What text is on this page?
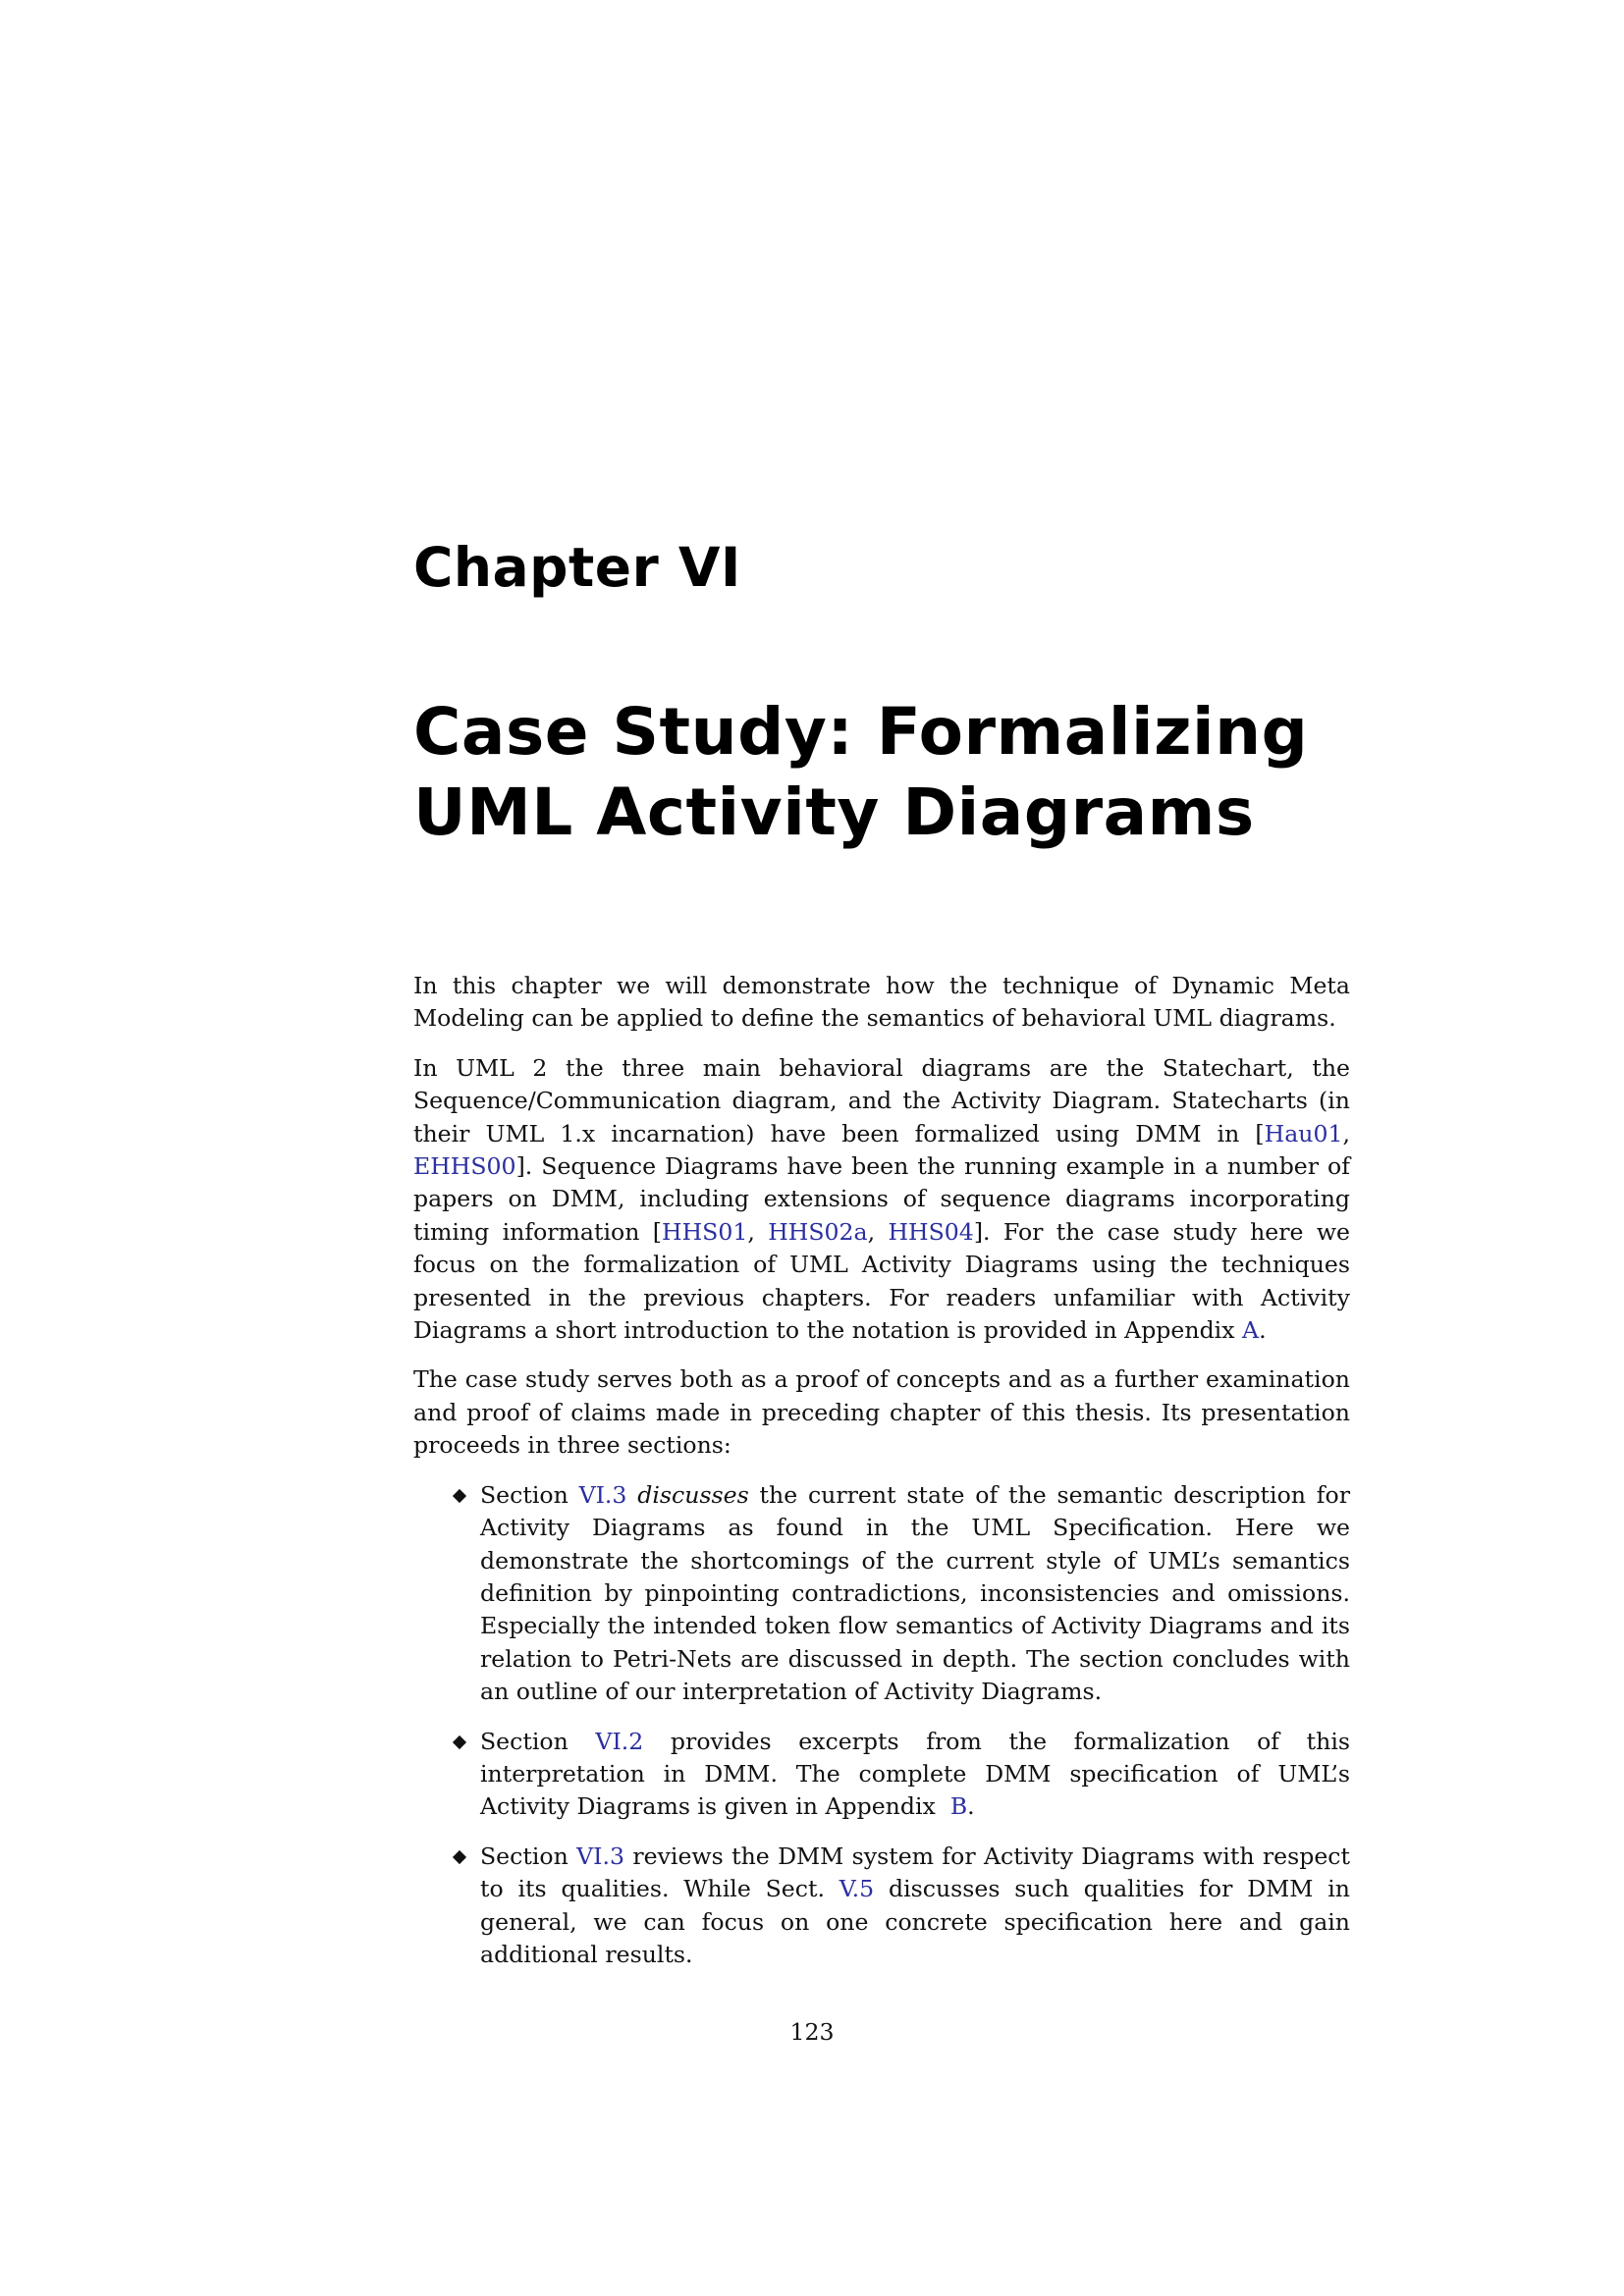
Chapter VI
Case Study: Formalizing UML Activity Diagrams

In this chapter we will demonstrate how the technique of Dynamic Meta Modeling can be applied to define the semantics of behavioral UML diagrams.

In UML 2 the three main behavioral diagrams are the Statechart, the Sequence/Communication diagram, and the Activity Diagram. Statecharts (in their UML 1.x incarnation) have been formalized using DMM in [Hau01, EHHS00]. Sequence Diagrams have been the running example in a number of papers on DMM, including extensions of sequence diagrams incorporating timing information [HHS01, HHS02a, HHS04]. For the case study here we focus on the formalization of UML Activity Diagrams using the techniques presented in the previous chapters. For readers unfamiliar with Activity Diagrams a short introduction to the notation is provided in Appendix A.

The case study serves both as a proof of concepts and as a further examination and proof of claims made in preceding chapter of this thesis. Its presentation proceeds in three sections:

Section VI.3 discusses the current state of the semantic description for Activity Diagrams as found in the UML Specification. Here we demonstrate the shortcomings of the current style of UML’s semantics definition by pinpointing contradictions, inconsistencies and omissions. Especially the intended token flow semantics of Activity Diagrams and its relation to Petri-Nets are discussed in depth. The section concludes with an outline of our interpretation of Activity Diagrams.
Section VI.2 provides excerpts from the formalization of this interpretation in DMM. The complete DMM specification of UML’s Activity Diagrams is given in Appendix  B.
Section VI.3 reviews the DMM system for Activity Diagrams with respect to its qualities. While Sect. V.5 discusses such qualities for DMM in general, we can focus on one concrete specification here and gain additional results.
123
